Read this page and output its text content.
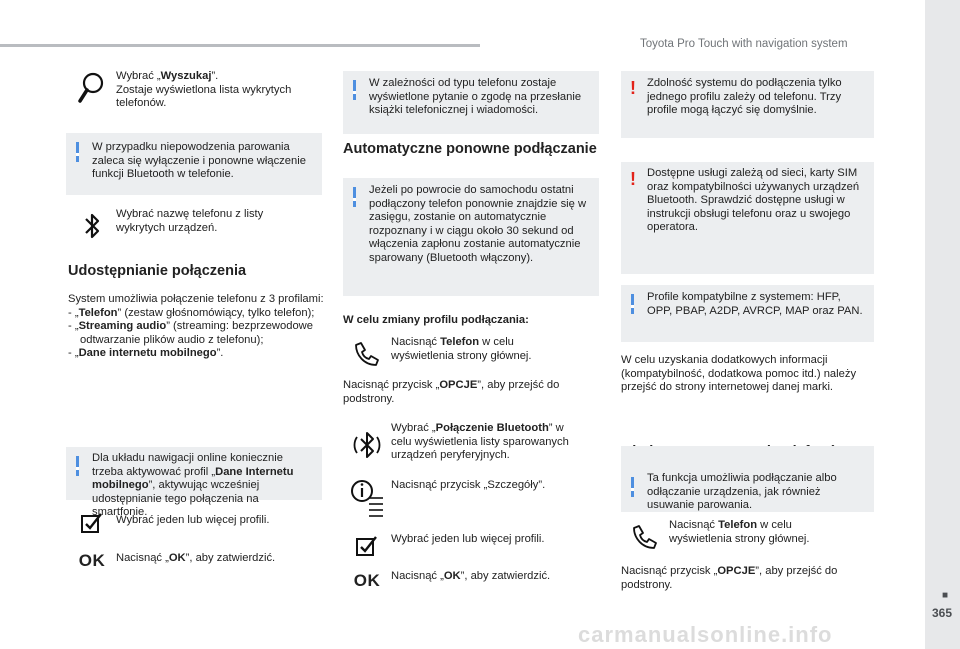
Toyota Pro Touch with navigation system
■
365
Wybrać „Wyszukaj”.
Zostaje wyświetlona lista wykrytych telefonów.

W przypadku niepowodzenia parowania zaleca się wyłączenie i ponowne włączenie funkcji Bluetooth w telefonie.

Wybrać nazwę telefonu z listy wykrytych urządzeń.
Udostępnianie połączenia

System umożliwia połączenie telefonu z 3 profilami:

- „Telefon” (zestaw głośnomówiący, tylko telefon);

- „Streaming audio” (streaming: bezprzewodowe odtwarzanie plików audio z telefonu);

- „Dane internetu mobilnego”.

Dla układu nawigacji online koniecznie trzeba aktywować profil „Dane Internetu mobilnego”, aktywując wcześniej udostępnianie tego połączenia na smartfonie.

Wybrać jeden lub więcej profili.
OK Nacisnąć „OK”, aby zatwierdzić.

W zależności od typu telefonu zostaje wyświetlone pytanie o zgodę na przesłanie książki telefonicznej i wiadomości.

Automatyczne ponowne podłączanie

Jeżeli po powrocie do samochodu ostatni podłączony telefon ponownie znajdzie się w zasięgu, zostanie on automatycznie rozpoznany i w ciągu około 30 sekund od włączenia zapłonu zostanie automatycznie sparowany (Bluetooth włączony).

W celu zmiany profilu podłączania:

Nacisnąć Telefon w celu wyświetlenia strony głównej.

Nacisnąć przycisk „OPCJE”, aby przejść do podstrony.

Wybrać „Połączenie Bluetooth” w celu wyświetlenia listy sparowanych urządzeń peryferyjnych.
Nacisnąć przycisk „Szczegóły”.
Wybrać jeden lub więcej profili.
OK Nacisnąć „OK”, aby zatwierdzić.
! Zdolność systemu do podłączenia tylko jednego profilu zależy od telefonu. Trzy profile mogą łączyć się domyślnie.

! Dostępne usługi zależą od sieci, karty SIM oraz kompatybilności używanych urządzeń Bluetooth. Sprawdzić dostępne usługi w instrukcji obsługi telefonu oraz u swojego operatora.

Profile kompatybilne z systemem: HFP, OPP, PBAP, A2DP, AVRCP, MAP oraz PAN.

W celu uzyskania dodatkowych informacji (kompatybilność, dodatkowa pomoc itd.) należy przejść do strony internetowej danej marki.

Ta funkcja umożliwia podłączanie albo odłączanie urządzenia, jak również usuwanie parowania.

Nacisnąć Telefon w celu wyświetlenia strony głównej.

Nacisnąć przycisk „OPCJE”, aby przejść do podstrony.

carmanualsonline.info
